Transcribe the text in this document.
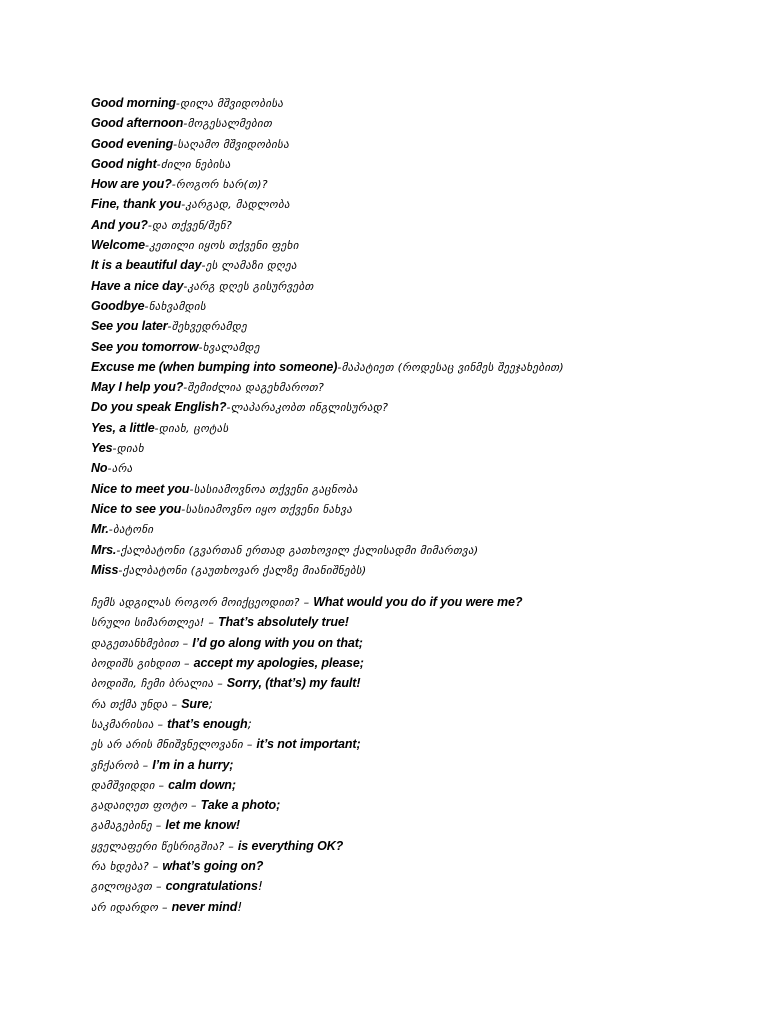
Good morning-დილა მშვიდობისა
Good afternoon-მოგესალმებით
Good evening-საღამო მშვიდობისა
Good night-ძილი ნებისა
How are you?-როგორ ხარ(თ)?
Fine, thank you-კარგად, მადლობა
And you?-და თქვენ/შენ?
Welcome-კეთილი იყოს თქვენი ფეხი
It is a beautiful day-ეს ლამაზი დღეა
Have a nice day-კარგ დღეს გისურვებთ
Goodbye-ნახვამდის
See you later-შეხვედრამდე
See you tomorrow-ხვალამდე
Excuse me (when bumping into someone)-მაპატიეთ (როდესაც ვინმეს შეეჯახებით)
May I help you?-შემიძლია დაგეხმაროთ?
Do you speak English?-ლაპარაკობთ ინგლისურად?
Yes, a little-დიახ, ცოტას
Yes-დიახ
No-არა
Nice to meet you-სასიამოვნოა თქვენი გაცნობა
Nice to see you-სასიამოვნო იყო თქვენი ნახვა
Mr.-ბატონი
Mrs.-ქალბატონი (გვართან ერთად გათხოვილ ქალისადმი მიმართვა)
Miss-ქალბატონი (გაუთხოვარ ქალზე მიანიშნებს)
ჩემს ადგილას როგორ მოიქცეოდით? – What would you do if you were me?
სრული სიმართლეა! – That’s absolutely true!
დაგეთანხმებით – I’d go along with you on that;
ბოდიშს გიხდით – accept my apologies, please;
ბოდიში, ჩემი ბრალია – Sorry, (that’s) my fault!
რა თქმა უნდა – Sure;
საკმარისია – that’s enough;
ეს არ არის მნიშვნელოვანი – it’s not important;
ვჩქარობ – I’m in a hurry;
დამშვიდდი – calm down;
გადაიღეთ ფოტო – Take a photo;
გამაგებინე – let me know!
ყველაფერი წესრიგშია? – is everything OK?
რა ხდება? – what’s going on?
გილოცავთ – congratulations!
არ იდარდო – never mind!
